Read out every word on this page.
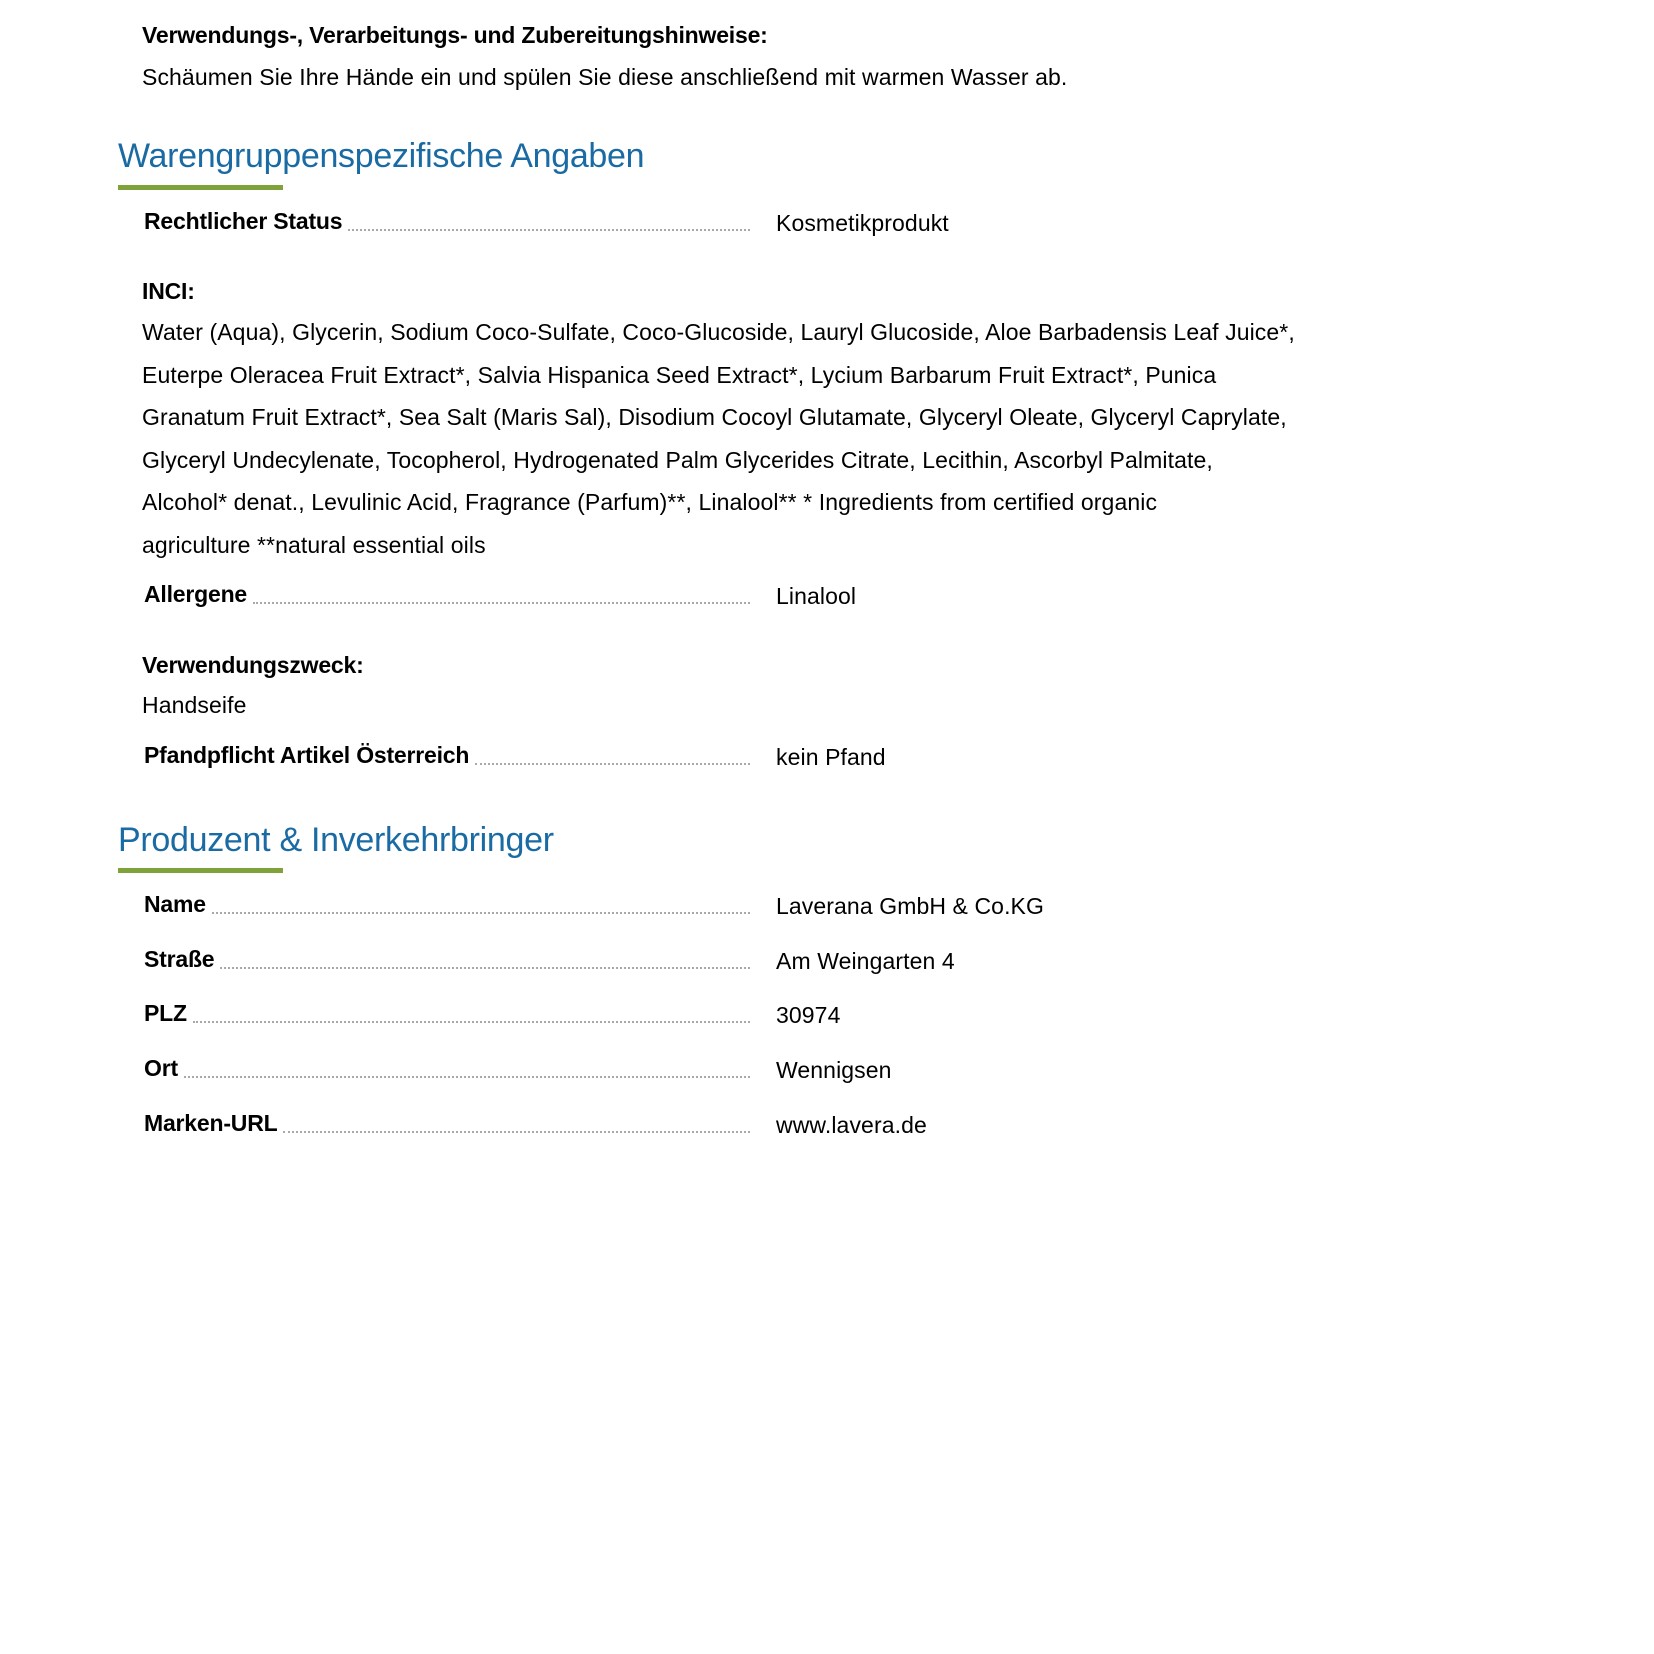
Verwendungs-, Verarbeitungs- und Zubereitungshinweise:
Schäumen Sie Ihre Hände ein und spülen Sie diese anschließend mit warmen Wasser ab.
Warengruppenspezifische Angaben
Rechtlicher Status	Kosmetikprodukt
INCI:
Water (Aqua), Glycerin, Sodium Coco-Sulfate, Coco-Glucoside, Lauryl Glucoside, Aloe Barbadensis Leaf Juice*,
Euterpe Oleracea Fruit Extract*, Salvia Hispanica Seed Extract*, Lycium Barbarum Fruit Extract*, Punica
Granatum Fruit Extract*, Sea Salt (Maris Sal), Disodium Cocoyl Glutamate, Glyceryl Oleate, Glyceryl Caprylate,
Glyceryl Undecylenate, Tocopherol, Hydrogenated Palm Glycerides Citrate, Lecithin, Ascorbyl Palmitate,
Alcohol* denat., Levulinic Acid, Fragrance (Parfum)**, Linalool** * Ingredients from certified organic
agriculture **natural essential oils
Allergene	Linalool
Verwendungszweck:
Handseife
Pfandpflicht Artikel Österreich	kein Pfand
Produzent & Inverkehrbringer
Name	Laverana GmbH & Co.KG
Straße	Am Weingarten 4
PLZ	30974
Ort	Wennigsen
Marken-URL	www.lavera.de
